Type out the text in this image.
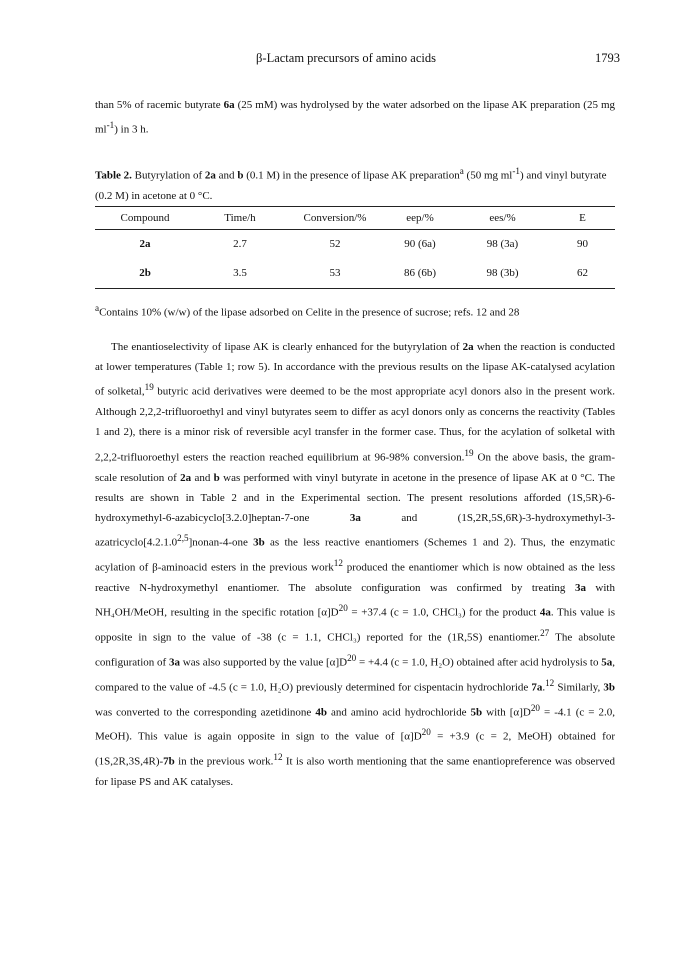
β-Lactam precursors of amino acids	1793

than 5% of racemic butyrate 6a (25 mM) was hydrolysed by the water adsorbed on the lipase AK preparation (25 mg $ml^{-1}$) in 3 h.

Table 2. Butyrylation of 2a and b (0.1 M) in the presence of lipase AK preparation$^a$ (50 mg $ml^{-1}$) and vinyl butyrate (0.2 M) in acetone at 0 °C.

Compound	Time/h	Conversion/%	eep/%	ees/%	E
2a	2.7	52	90 (6a)	98 (3a)	90
2b	3.5	53	86 (6b)	98 (3b)	62

$^a$Contains 10% (w/w) of the lipase adsorbed on Celite in the presence of sucrose; refs. 12 and 28

The enantioselectivity of lipase AK is clearly enhanced for the butyrylation of 2a when the reaction is conducted at lower temperatures (Table 1; row 5). In accordance with the previous results on the lipase AK-catalysed acylation of solketal,$^{19}$ butyric acid derivatives were deemed to be the most appropriate acyl donors also in the present work. Although 2,2,2-trifluoroethyl and vinyl butyrates seem to differ as acyl donors only as concerns the reactivity (Tables 1 and 2), there is a minor risk of reversible acyl transfer in the former case. Thus, for the acylation of solketal with 2,2,2-trifluoroethyl esters the reaction reached equilibrium at 96-98% conversion.$^{19}$ On the above basis, the gram-scale resolution of 2a and b was performed with vinyl butyrate in acetone in the presence of lipase AK at 0 °C. The results are shown in Table 2 and in the Experimental section. The present resolutions afforded (1S,5R)-6-hydroxymethyl-6-azabicyclo[3.2.0]heptan-7-one 3a and (1S,2R,5S,6R)-3-hydroxymethyl-3-azatricyclo[4.2.1.0$^{2,5}$]nonan-4-one 3b as the less reactive enantiomers (Schemes 1 and 2). Thus, the enzymatic acylation of β-aminoacid esters in the previous work$^{12}$ produced the enantiomer which is now obtained as the less reactive N-hydroxymethyl enantiomer. The absolute configuration was confirmed by treating 3a with NH₄OH/MeOH, resulting in the specific rotation $[\alpha]D^{20} = +37.4$ (c = 1.0, CHCl₃) for the product 4a. This value is opposite in sign to the value of -38 (c = 1.1, CHCl₃) reported for the (1R,5S) enantiomer.$^{27}$ The absolute configuration of 3a was also supported by the value $[\alpha]D^{20} = +4.4$ (c = 1.0, H₂O) obtained after acid hydrolysis to 5a, compared to the value of -4.5 (c = 1.0, H₂O) previously determined for cispentacin hydrochloride 7a.$^{12}$ Similarly, 3b was converted to the corresponding azetidinone 4b and amino acid hydrochloride 5b with $[\alpha]D^{20} = -4.1$ (c = 2.0, MeOH). This value is again opposite in sign to the value of $[\alpha]D^{20} = +3.9$ (c = 2, MeOH) obtained for (1S,2R,3S,4R)-7b in the previous work.$^{12}$ It is also worth mentioning that the same enantiopreference was observed for lipase PS and AK catalyses.
